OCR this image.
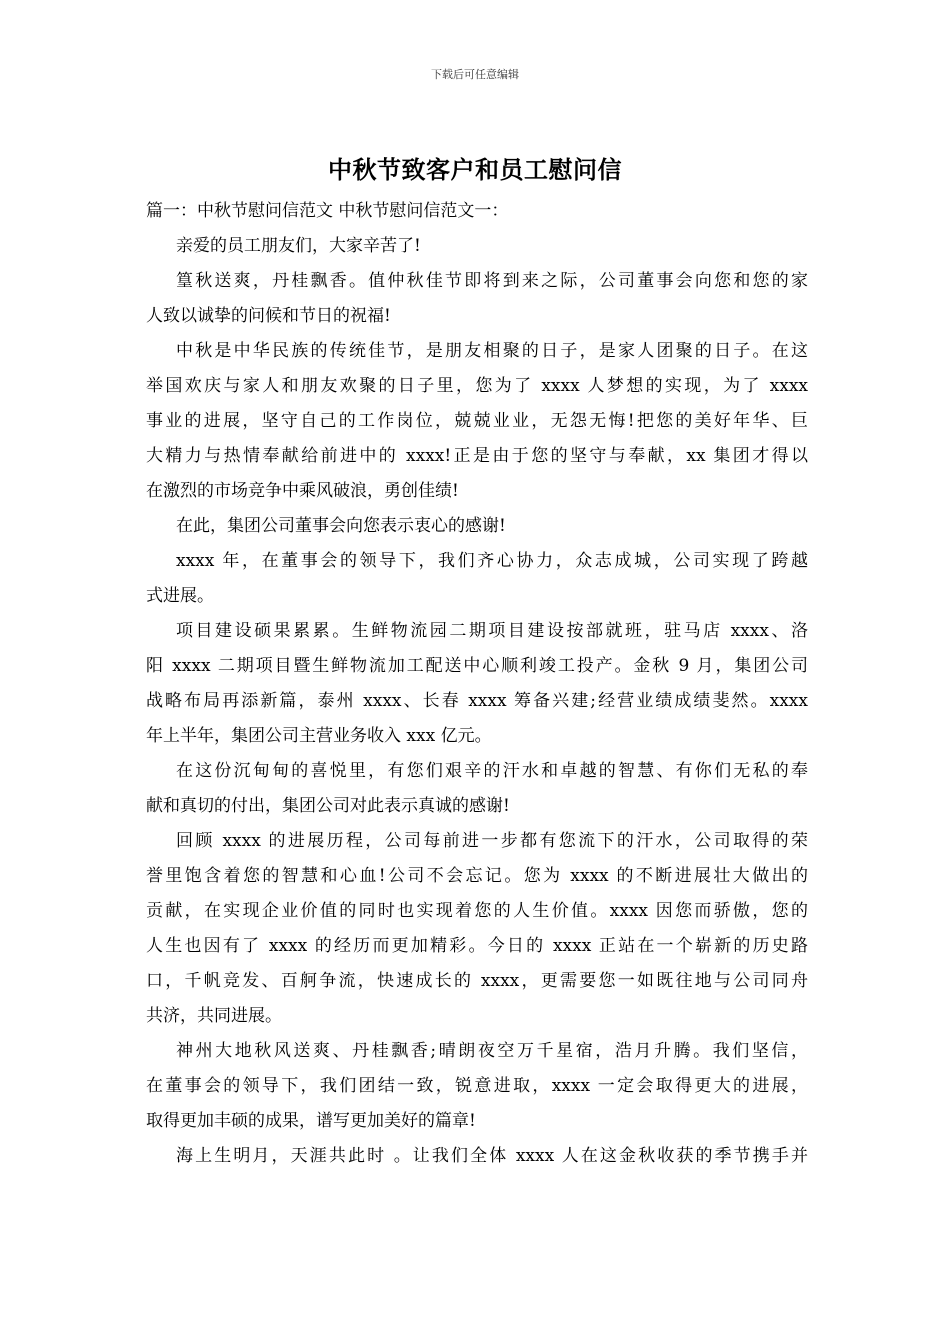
下载后可任意编辑
中秋节致客户和员工慰问信
篇一：中秋节慰问信范文 中秋节慰问信范文一：
亲爱的员工朋友们，大家辛苦了!
篁秋送爽，丹桂飘香。值仲秋佳节即将到来之际，公司董事会向您和您的家
人致以诚挚的问候和节日的祝福!
中秋是中华民族的传统佳节，是朋友相聚的日子，是家人团聚的日子。在这
举国欢庆与家人和朋友欢聚的日子里，您为了 xxxx 人梦想的实现，为了 xxxx
事业的进展，坚守自己的工作岗位，兢兢业业，无怨无悔!把您的美好年华、巨
大精力与热情奉献给前进中的 xxxx!正是由于您的坚守与奉献，xx 集团才得以
在激烈的市场竞争中乘风破浪，勇创佳绩!
在此，集团公司董事会向您表示衷心的感谢!
xxxx 年，在董事会的领导下，我们齐心协力，众志成城，公司实现了跨越
式进展。
项目建设硕果累累。生鲜物流园二期项目建设按部就班，驻马店 xxxx、洛
阳 xxxx 二期项目暨生鲜物流加工配送中心顺利竣工投产。金秋 9 月，集团公司
战略布局再添新篇，泰州 xxxx、长春 xxxx 筹备兴建;经营业绩成绩斐然。xxxx
年上半年，集团公司主营业务收入 xxx 亿元。
在这份沉甸甸的喜悦里，有您们艰辛的汗水和卓越的智慧、有你们无私的奉
献和真切的付出，集团公司对此表示真诚的感谢!
回顾 xxxx 的进展历程，公司每前进一步都有您流下的汗水，公司取得的荣
誉里饱含着您的智慧和心血!公司不会忘记。您为 xxxx 的不断进展壮大做出的
贡献，在实现企业价值的同时也实现着您的人生价值。xxxx 因您而骄傲，您的
人生也因有了 xxxx 的经历而更加精彩。今日的 xxxx 正站在一个崭新的历史路
口，千帆竞发、百舸争流，快速成长的 xxxx，更需要您一如既往地与公司同舟
共济，共同进展。
神州大地秋风送爽、丹桂飘香;晴朗夜空万千星宿，浩月升腾。我们坚信，
在董事会的领导下，我们团结一致，锐意进取，xxxx 一定会取得更大的进展，
取得更加丰硕的成果，谱写更加美好的篇章!
海上生明月，天涯共此时 。让我们全体 xxxx 人在这金秋收获的季节携手并
